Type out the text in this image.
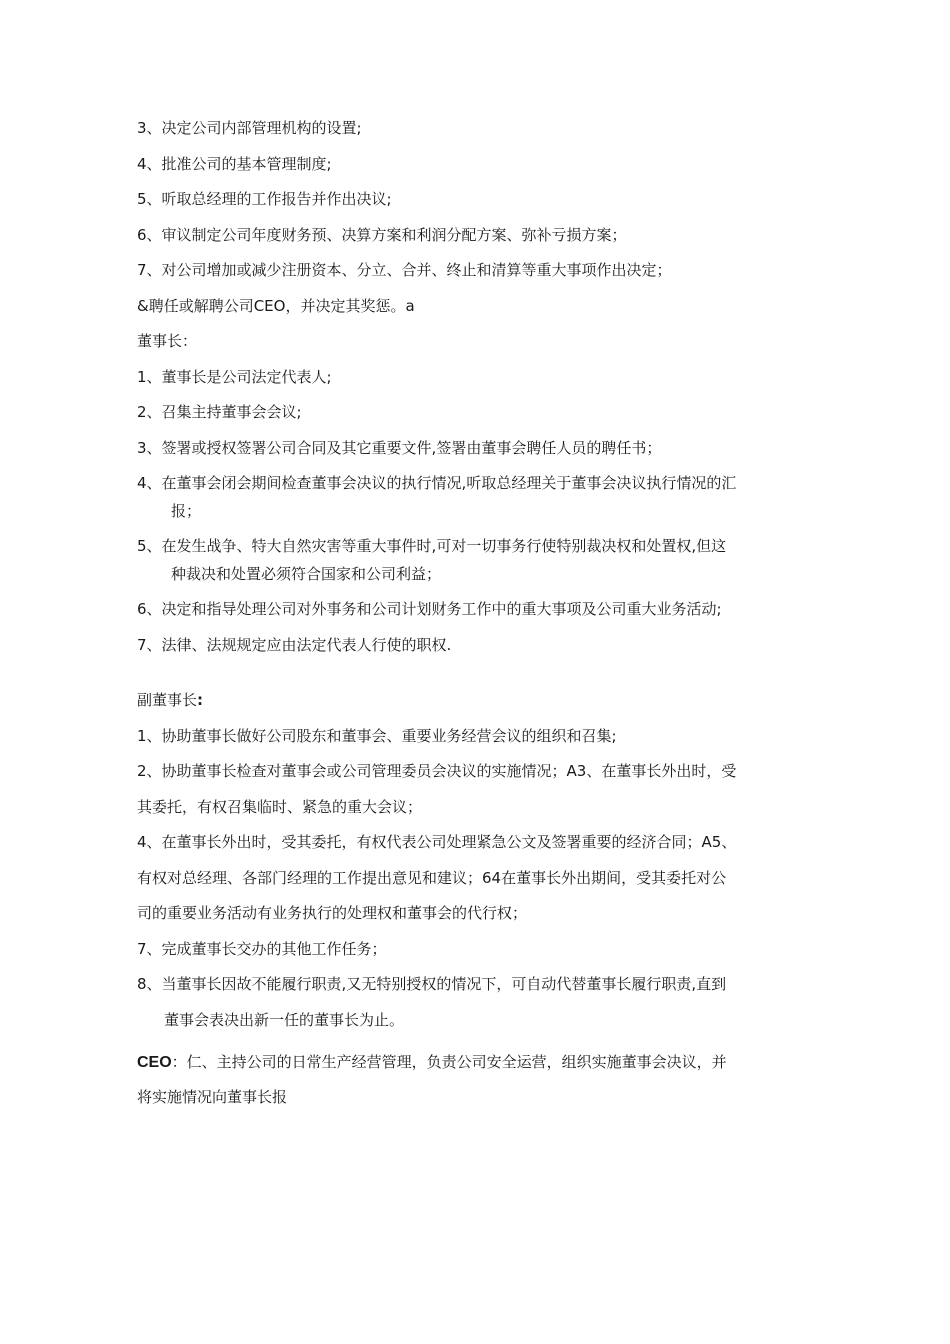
3、决定公司内部管理机构的设置;
4、批准公司的基本管理制度;
5、听取总经理的工作报告并作出决议;
6、审议制定公司年度财务预、决算方案和利润分配方案、弥补亏损方案；
7、对公司增加或减少注册资本、分立、合并、终止和清算等重大事项作出决定；
&聘任或解聘公司CEO，并决定其奖惩。a
董事长：
1、董事长是公司法定代表人;
2、召集主持董事会会议;
3、签署或授权签署公司合同及其它重要文件,签署由董事会聘任人员的聘任书；
4、在董事会闭会期间检查董事会决议的执行情况,听取总经理关于董事会决议执行情况的汇
报；
5、在发生战争、特大自然灾害等重大事件时,可对一切事务行使特别裁决权和处置权,但这
种裁决和处置必须符合国家和公司利益；
6、决定和指导处理公司对外事务和公司计划财务工作中的重大事项及公司重大业务活动;
7、法律、法规规定应由法定代表人行使的职权.
副董事长:
1、协助董事长做好公司股东和董事会、重要业务经营会议的组织和召集;
2、协助董事长检查对董事会或公司管理委员会决议的实施情况；A3、在董事长外出时，受
其委托，有权召集临时、紧急的重大会议；
4、在董事长外出时，受其委托，有权代表公司处理紧急公文及签署重要的经济合同；A5、
有权对总经理、各部门经理的工作提出意见和建议；64在董事长外出期间，受其委托对公
司的重要业务活动有业务执行的处理权和董事会的代行权；
7、完成董事长交办的其他工作任务；
8、当董事长因故不能履行职责,又无特别授权的情况下，可自动代替董事长履行职责,直到
董事会表决出新一任的董事长为止。
CEO：仁、主持公司的日常生产经营管理，负责公司安全运营，组织实施董事会决议，并
将实施情况向董事长报
